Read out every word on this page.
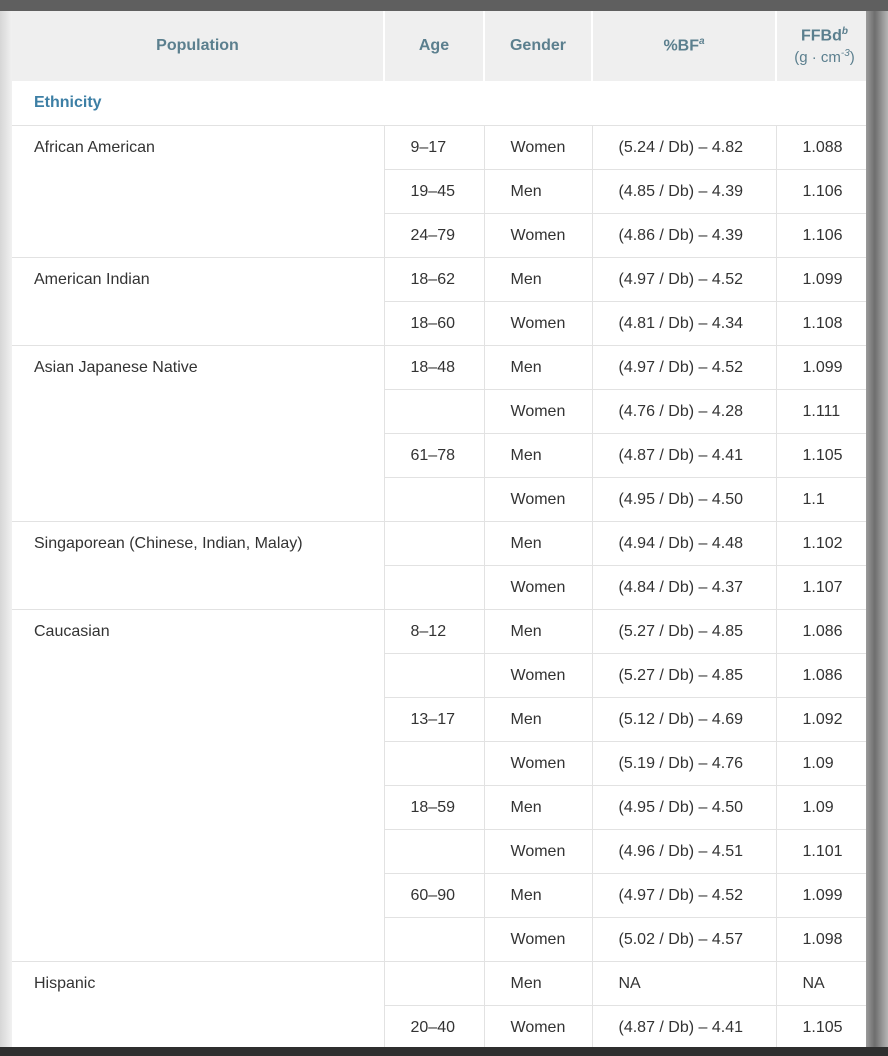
Population	Age	Gender	$\%BF^a$	FFBd$^b$
$(g \cdot cm^{-3})$

Ethnicity				
African American	9–17	Women	(5.24 / Db) – 4.82	1.088
	19–45	Men	(4.85 / Db) – 4.39	1.106
	24–79	Women	(4.86 / Db) – 4.39	1.106
American Indian	18–62	Men	(4.97 / Db) – 4.52	1.099
	18–60	Women	(4.81 / Db) – 4.34	1.108
Asian Japanese Native	18–48	Men	(4.97 / Db) – 4.52	1.099
		Women	(4.76 / Db) – 4.28	1.111
	61–78	Men	(4.87 / Db) – 4.41	1.105
		Women	(4.95 / Db) – 4.50	1.1
Singaporean (Chinese, Indian, Malay)		Men	(4.94 / Db) – 4.48	1.102
		Women	(4.84 / Db) – 4.37	1.107
Caucasian	8–12	Men	(5.27 / Db) – 4.85	1.086
		Women	(5.27 / Db) – 4.85	1.086
	13–17	Men	(5.12 / Db) – 4.69	1.092
		Women	(5.19 / Db) – 4.76	1.09
	18–59	Men	(4.95 / Db) – 4.50	1.09
		Women	(4.96 / Db) – 4.51	1.101
	60–90	Men	(4.97 / Db) – 4.52	1.099
		Women	(5.02 / Db) – 4.57	1.098
Hispanic		Men	NA	NA
	20–40	Women	(4.87 / Db) – 4.41	1.105
